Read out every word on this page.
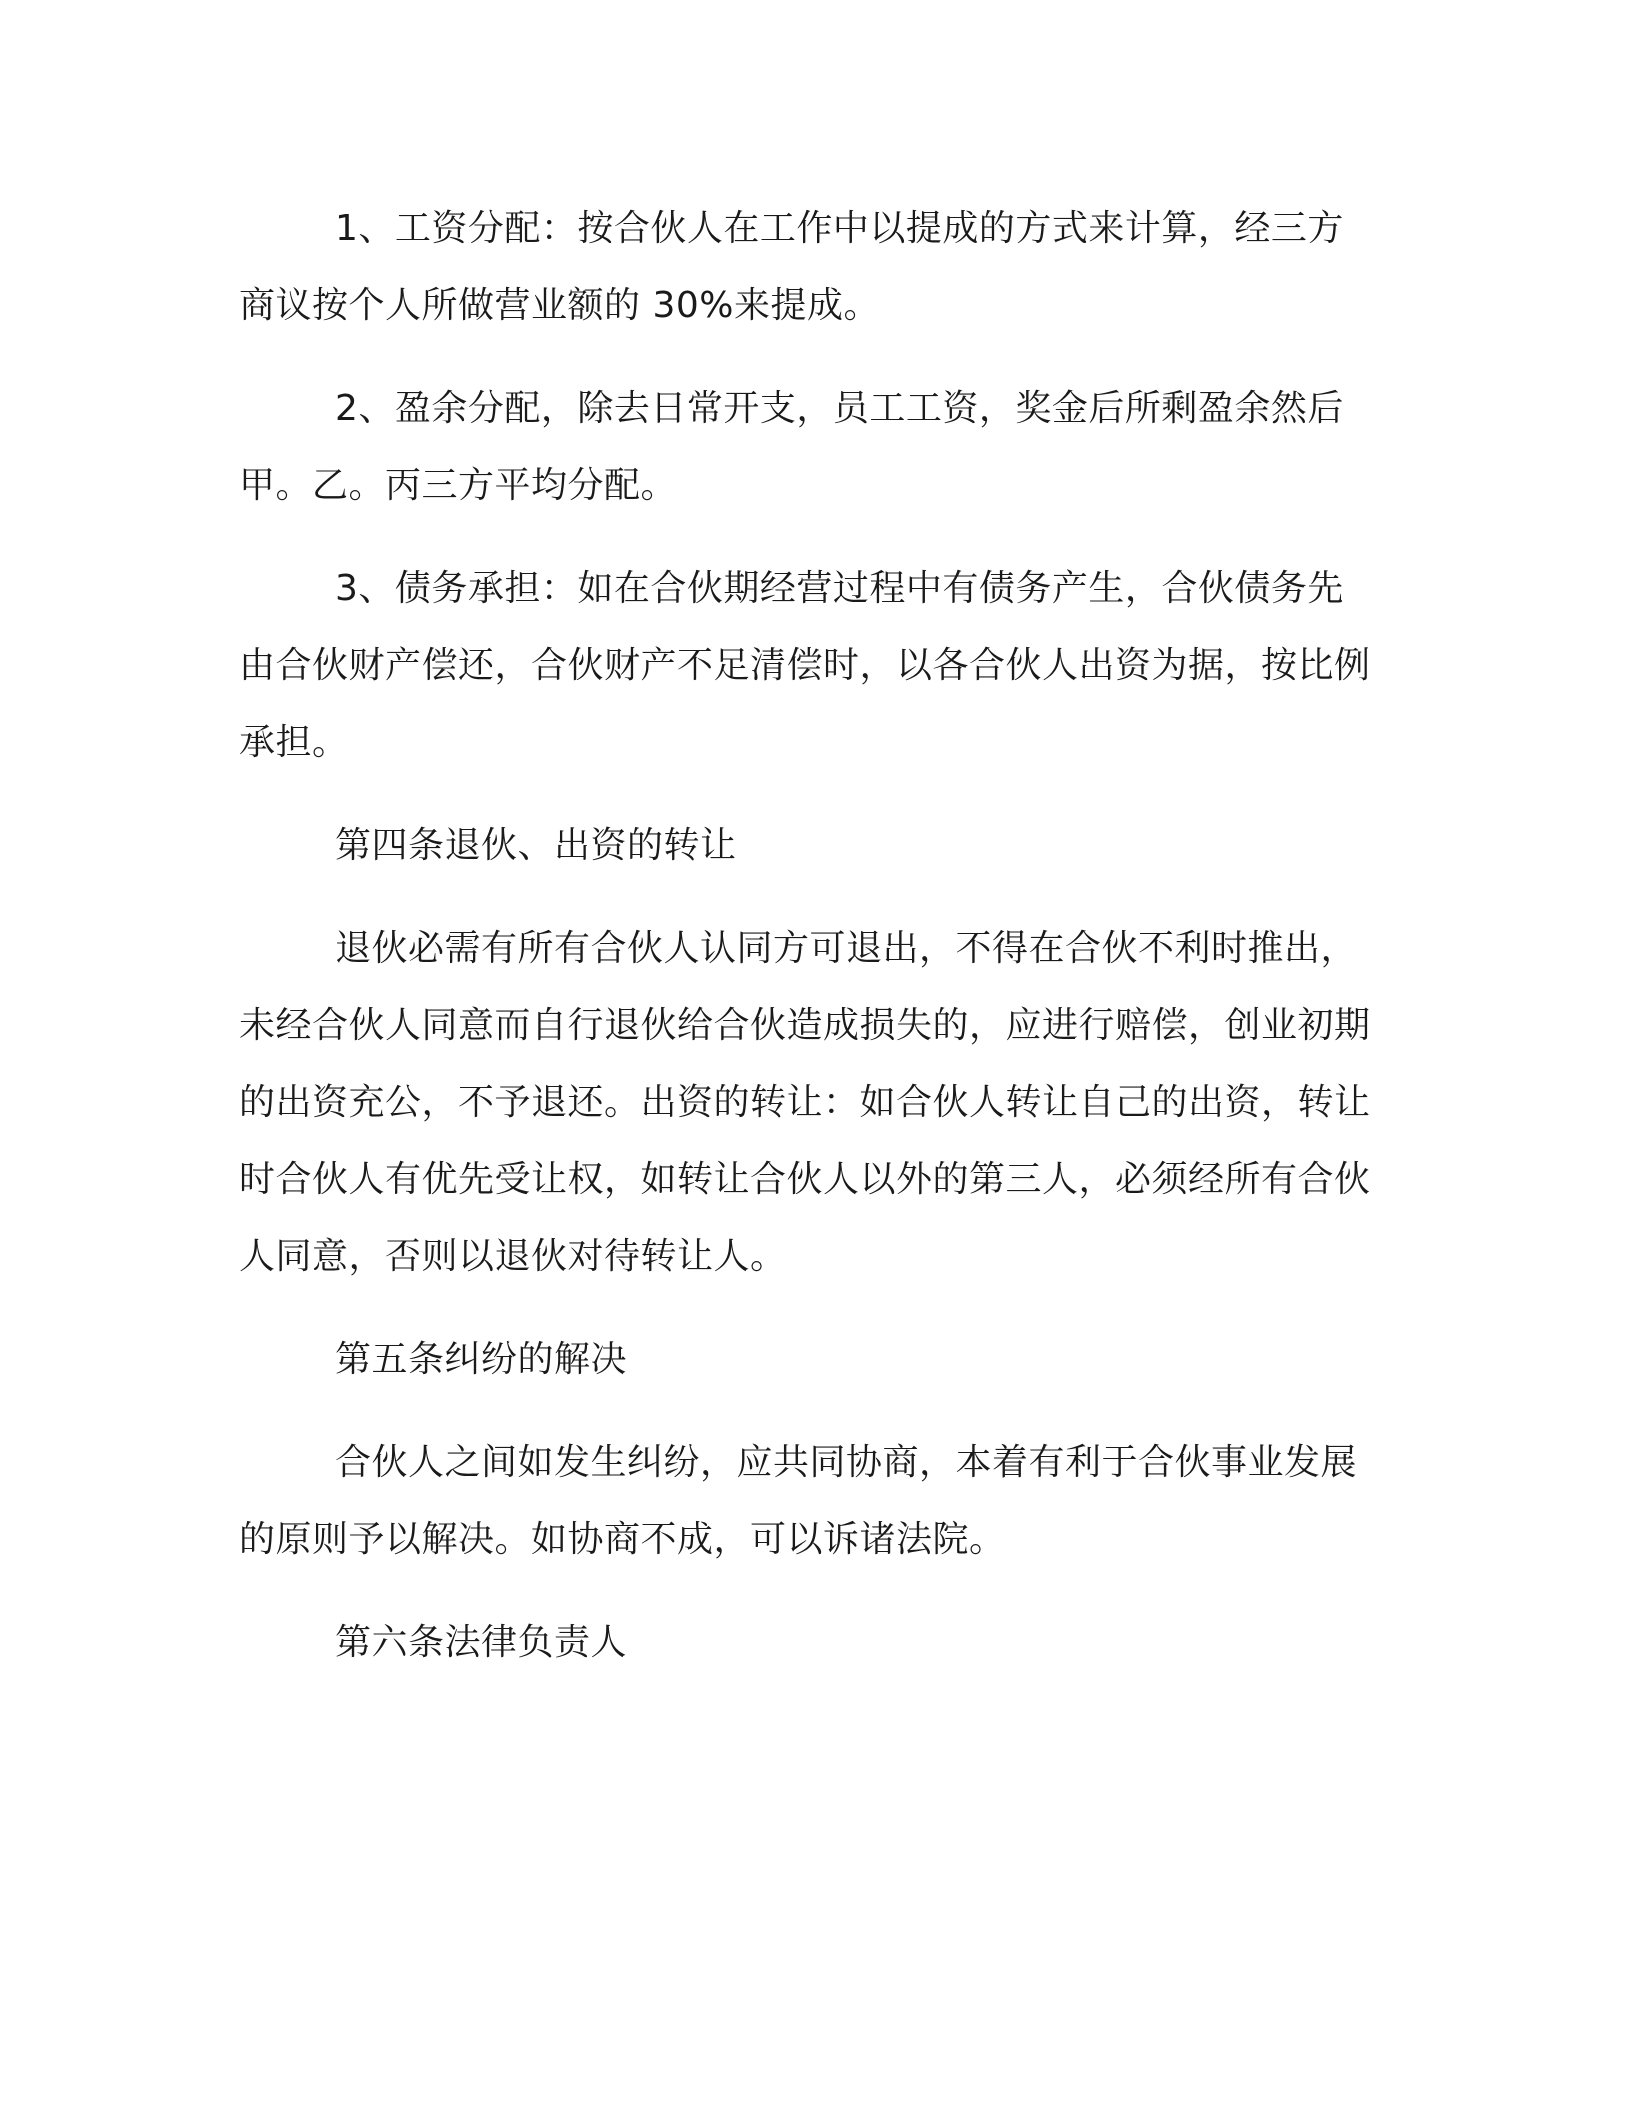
1、工资分配：按合伙人在工作中以提成的方式来计算，经三方商议按个人所做营业额的 30%来提成。

2、盈余分配，除去日常开支，员工工资，奖金后所剩盈余然后甲。乙。丙三方平均分配。

3、债务承担：如在合伙期经营过程中有债务产生，合伙债务先由合伙财产偿还，合伙财产不足清偿时，以各合伙人出资为据，按比例承担。

第四条退伙、出资的转让

退伙必需有所有合伙人认同方可退出，不得在合伙不利时推出，未经合伙人同意而自行退伙给合伙造成损失的，应进行赔偿，创业初期的出资充公，不予退还。出资的转让：如合伙人转让自己的出资，转让时合伙人有优先受让权，如转让合伙人以外的第三人，必须经所有合伙人同意，否则以退伙对待转让人。

第五条纠纷的解决

合伙人之间如发生纠纷，应共同协商，本着有利于合伙事业发展的原则予以解决。如协商不成，可以诉诸法院。

第六条法律负责人
